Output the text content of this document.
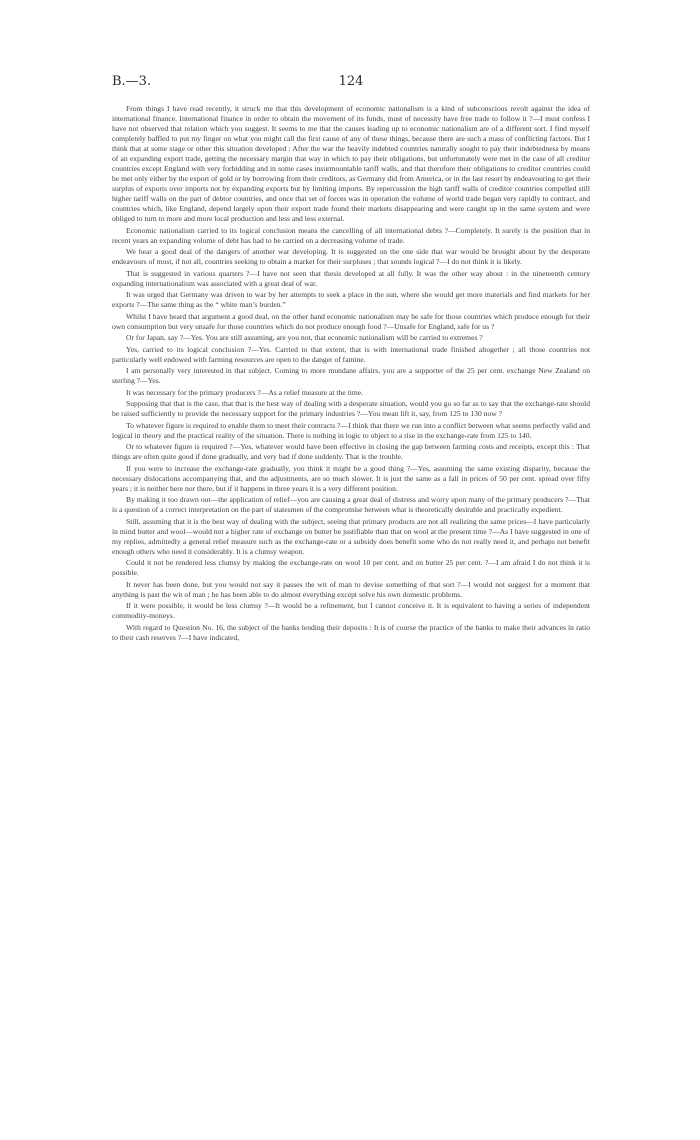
B.—3.	124

From things I have read recently, it struck me that this development of economic nationalism is a kind of subconscious revolt against the idea of international finance. International finance in order to obtain the movement of its funds, must of necessity have free trade to follow it ?—I must confess I have not observed that relation which you suggest. It seems to me that the causes leading up to economic nationalism are of a different sort. I find myself completely baffled to put my finger on what you might call the first cause of any of these things, because there are such a mass of conflicting factors. But I think that at some stage or other this situation developed : After the war the heavily indebted countries naturally sought to pay their indebtedness by means of an expanding export trade, getting the necessary margin that way in which to pay their obligations, but unfortunately were met in the case of all creditor countries except England with very forbidding and in some cases insurmountable tariff walls, and that therefore their obligations to creditor countries could be met only either by the export of gold or by borrowing from their creditors, as Germany did from America, or in the last resort by endeavouring to get their surplus of exports over imports not by expanding exports but by limiting imports. By repercussion the high tariff walls of creditor countries compelled still higher tariff walls on the part of debtor countries, and once that set of forces was in operation the volume of world trade began very rapidly to contract, and countries which, like England, depend largely upon their export trade found their markets disappearing and were caught up in the same system and were obliged to turn to more and more local production and less and less external.

Economic nationalism carried to its logical conclusion means the cancelling of all international debts ?—Completely. It surely is the position that in recent years an expanding volume of debt has had to be carried on a decreasing volume of trade.

We hear a good deal of the dangers of another war developing. It is suggested on the one side that war would be brought about by the desperate endeavours of most, if not all, countries seeking to obtain a market for their surpluses ; that sounds logical ?—I do not think it is likely.

That is suggested in various quarters ?—I have not seen that thesis developed at all fully. It was the other way about : in the nineteenth century expanding internationalism was associated with a great deal of war.

It was urged that Germany was driven to war by her attempts to seek a place in the sun, where she would get more materials and find markets for her exports ?—The same thing as the “ white man’s burden.”

Whilst I have heard that argument a good deal, on the other hand economic nationalism may be safe for those countries which produce enough for their own consumption but very unsafe for those countries which do not produce enough food ?—Unsafe for England, safe for us ?

Or for Japan, say ?—Yes. You are still assuming, are you not, that economic nationalism will be carried to extremes ?

Yes, carried to its logical conclusion ?—Yes. Carried to that extent, that is with international trade finished altogether ; all those countries not particularly well endowed with farming resources are open to the danger of famine.

I am personally very interested in that subject. Coming to more mundane affairs, you are a supporter of the 25 per cent. exchange New Zealand on sterling ?—Yes.

It was necessary for the primary producers ?—As a relief measure at the time.

Supposing that that is the case, that that is the best way of dealing with a desperate situation, would you go so far as to say that the exchange-rate should be raised sufficiently to provide the necessary support for the primary industries ?—You mean lift it, say, from 125 to 130 now ?

To whatever figure is required to enable them to meet their contracts ?—I think that there we run into a conflict between what seems perfectly valid and logical in theory and the practical reality of the situation. There is nothing in logic to object to a rise in the exchange-rate from 125 to 140.

Or to whatever figure is required ?—Yes, whatever would have been effective in closing the gap between farming costs and receipts, except this : That things are often quite good if done gradually, and very bad if done suddenly. That is the trouble.

If you were to increase the exchange-rate gradually, you think it might be a good thing ?—Yes, assuming the same existing disparity, because the necessary dislocations accompanying that, and the adjustments, are so much slower. It is just the same as a fall in prices of 50 per cent. spread over fifty years ; it is neither here nor there, but if it happens in three years it is a very different position.

By making it too drawn out—the application of relief—you are causing a great deal of distress and worry upon many of the primary producers ?—That is a question of a correct interpretation on the part of statesmen of the compromise between what is theoretically desirable and practically expedient.

Still, assuming that it is the best way of dealing with the subject, seeing that primary products are not all realizing the same prices—I have particularly in mind butter and wool—would not a higher rate of exchange on butter be justifiable than that on wool at the present time ?—As I have suggested in one of my replies, admittedly a general relief measure such as the exchange-rate or a subsidy does benefit some who do not really need it, and perhaps not benefit enough others who need it considerably. It is a clumsy weapon.

Could it not be rendered less clumsy by making the exchange-rate on wool 10 per cent. and on butter 25 per cent. ?—I am afraid I do not think it is possible.

It never has been done, but you would not say it passes the wit of man to devise something of that sort ?—I would not suggest for a moment that anything is past the wit of man ; he has been able to do almost everything except solve his own domestic problems.

If it were possible, it would be less clumsy ?—It would be a refinement, but I cannot conceive it. It is equivalent to having a series of independent commodity-moneys.

With regard to Question No. 16, the subject of the banks lending their deposits : It is of course the practice of the banks to make their advances in ratio to their cash reserves ?—I have indicated,
